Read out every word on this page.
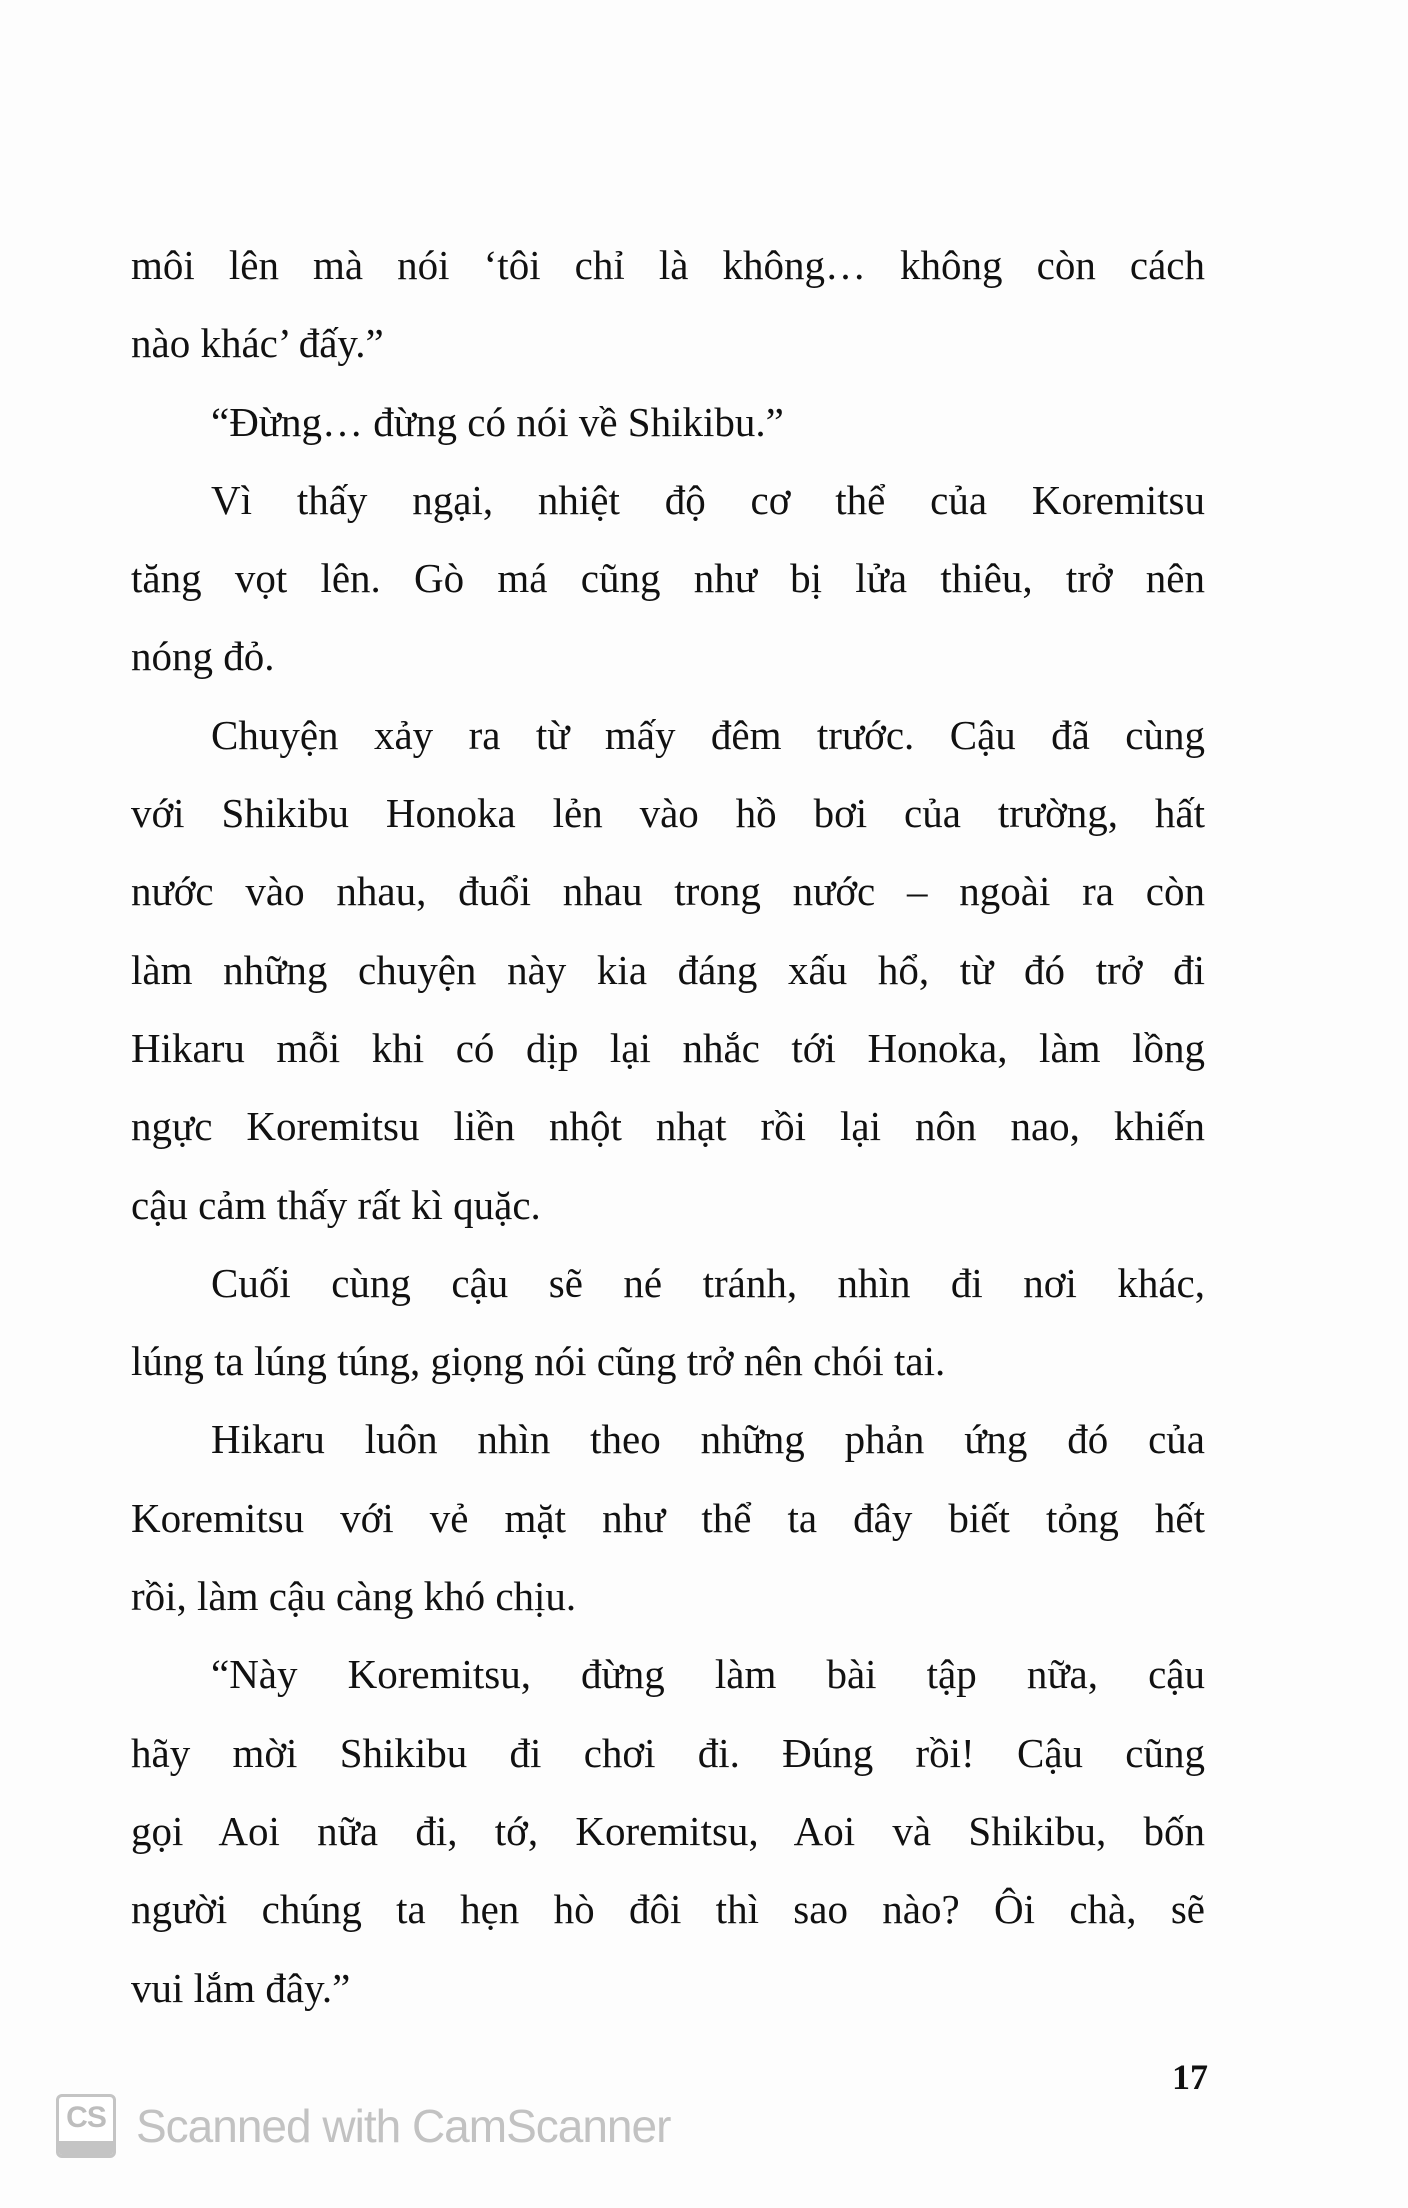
môi lên mà nói ‘tôi chỉ là không… không còn cách
nào khác’ đấy.”
“Đừng… đừng có nói về Shikibu.”
Vì thấy ngại, nhiệt độ cơ thể của Koremitsu
tăng vọt lên. Gò má cũng như bị lửa thiêu, trở nên
nóng đỏ.
Chuyện xảy ra từ mấy đêm trước. Cậu đã cùng
với Shikibu Honoka lẻn vào hồ bơi của trường, hất
nước vào nhau, đuổi nhau trong nước – ngoài ra còn
làm những chuyện này kia đáng xấu hổ, từ đó trở đi
Hikaru mỗi khi có dịp lại nhắc tới Honoka, làm lồng
ngực Koremitsu liền nhột nhạt rồi lại nôn nao, khiến
cậu cảm thấy rất kì quặc.
Cuối cùng cậu sẽ né tránh, nhìn đi nơi khác,
lúng ta lúng túng, giọng nói cũng trở nên chói tai.
Hikaru luôn nhìn theo những phản ứng đó của
Koremitsu với vẻ mặt như thể ta đây biết tỏng hết
rồi, làm cậu càng khó chịu.
“Này Koremitsu, đừng làm bài tập nữa, cậu
hãy mời Shikibu đi chơi đi. Đúng rồi! Cậu cũng
gọi Aoi nữa đi, tớ, Koremitsu, Aoi và Shikibu, bốn
người chúng ta hẹn hò đôi thì sao nào? Ôi chà, sẽ
vui lắm đây.”
17
CS Scanned with CamScanner
